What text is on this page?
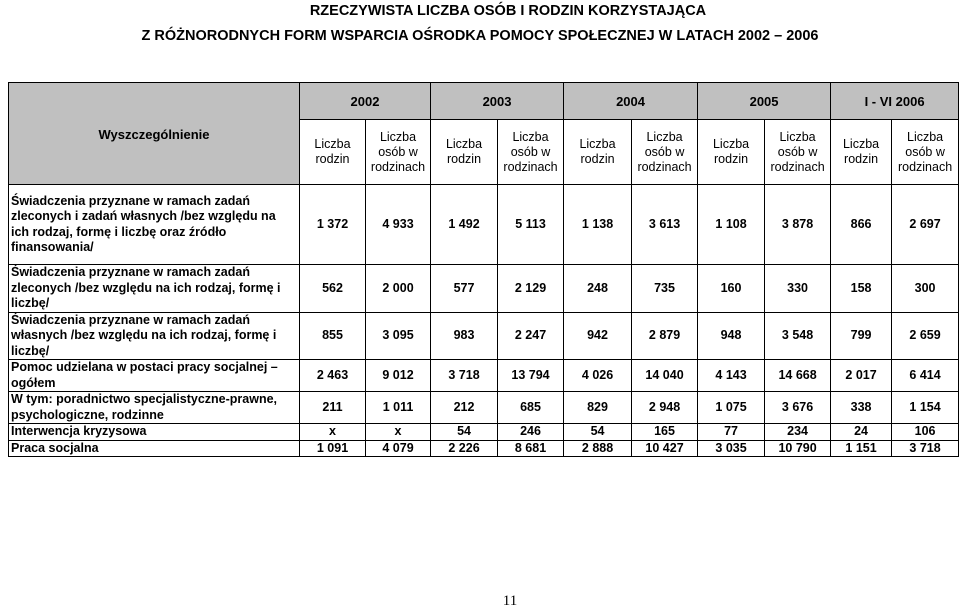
RZECZYWISTA LICZBA OSÓB I RODZIN KORZYSTAJĄCA
Z RÓŻNORODNYCH FORM WSPARCIA OŚRODKA POMOCY SPOŁECZNEJ W LATACH 2002 – 2006
Wyszczególnienie	2002		2003		2004		2005		I - VI 2006	
	Liczba rodzin	Liczba osób w rodzinach	Liczba rodzin	Liczba osób w rodzinach	Liczba rodzin	Liczba osób w rodzinach	Liczba rodzin	Liczba osób w rodzinach	Liczba rodzin	Liczba osób w rodzinach
Świadczenia przyznane w ramach zadań zleconych i zadań własnych /bez względu na ich rodzaj, formę i liczbę oraz źródło finansowania/	1 372	4 933	1 492	5 113	1 138	3 613	1 108	3 878	866	2 697
Świadczenia przyznane w ramach zadań zleconych /bez względu na ich rodzaj, formę i liczbę/	562	2 000	577	2 129	248	735	160	330	158	300
Świadczenia przyznane w ramach zadań własnych /bez względu na ich rodzaj, formę i liczbę/	855	3 095	983	2 247	942	2 879	948	3 548	799	2 659
Pomoc udzielana w postaci pracy socjalnej – ogółem	2 463	9 012	3 718	13 794	4 026	14 040	4 143	14 668	2 017	6 414
W tym: poradnictwo specjalistyczne-prawne, psychologiczne, rodzinne	211	1 011	212	685	829	2 948	1 075	3 676	338	1 154
Interwencja kryzysowa	x	x	54	246	54	165	77	234	24	106
Praca socjalna	1 091	4 079	2 226	8 681	2 888	10 427	3 035	10 790	1 151	3 718
11
